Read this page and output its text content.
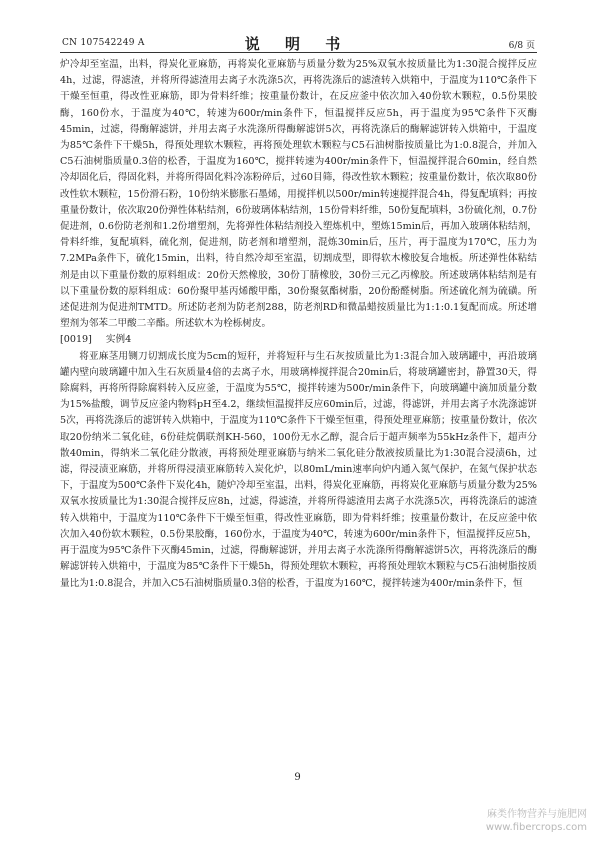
CN 107542249 A	说 明 书	6/8 页

炉冷却至室温，出料，得炭化亚麻筋，再将炭化亚麻筋与质量分数为25%双氧水按质量比为1:30混合搅拌反应4h，过滤，得滤渣，并将所得滤渣用去离子水洗涤5次，再将洗涤后的滤渣转入烘箱中，于温度为110℃条件下干燥至恒重，得改性亚麻筋，即为骨料纤维；按重量份数计，在反应釜中依次加入40份软木颗粒，0.5份果胶酶，160份水，于温度为40℃，转速为600r/min条件下，恒温搅拌反应5h，再于温度为95℃条件下灭酶45min，过滤，得酶解滤饼，并用去离子水洗涤所得酶解滤饼5次，再将洗涤后的酶解滤饼转入烘箱中，于温度为85℃条件下干燥5h，得预处理软木颗粒，再将预处理软木颗粒与C5石油树脂按质量比为1:0.8混合，并加入C5石油树脂质量0.3倍的松香，于温度为160℃，搅拌转速为400r/min条件下，恒温搅拌混合60min，经自然冷却固化后，得固化料，并将所得固化料冷冻粉碎后，过60目筛，得改性软木颗粒；按重量份数计，依次取80份改性软木颗粒，15份滑石粉，10份纳米膨胀石墨烯，用搅拌机以500r/min转速搅拌混合4h，得复配填料；再按重量份数计，依次取20份弹性体粘结剂，6份玻璃体粘结剂，15份骨料纤维，50份复配填料，3份硫化剂，0.7份促进剂，0.6份防老剂和1.2份增塑剂，先将弹性体粘结剂投入塑炼机中，塑炼15min后，再加入玻璃体粘结剂，骨料纤维，复配填料，硫化剂，促进剂，防老剂和增塑剂，混炼30min后，压片，再于温度为170℃，压力为7.2MPa条件下，硫化15min，出料，待自然冷却至室温，切割成型，即得软木橡胶复合地板。所述弹性体粘结剂是由以下重量份数的原料组成：20份天然橡胶，30份丁腈橡胶，30份三元乙丙橡胶。所述玻璃体粘结剂是有以下重量份数的原料组成：60份聚甲基丙烯酸甲酯，30份聚氨酯树脂，20份酚醛树脂。所述硫化剂为硫磺。所述促进剂为促进剂TMTD。所述防老剂为防老剂288，防老剂RD和微晶蜡按质量比为1:1:0.1复配而成。所述增塑剂为邻苯二甲酸二辛酯。所述软木为栓栎树皮。

[0019] 实例4

将亚麻茎用铡刀切割成长度为5cm的短秆，并将短秆与生石灰按质量比为1:3混合加入玻璃罐中，再沿玻璃罐内壁向玻璃罐中加入生石灰质量4倍的去离子水，用玻璃棒搅拌混合20min后，将玻璃罐密封，静置30天，得除腐料，再将所得除腐料转入反应釜，于温度为55℃，搅拌转速为500r/min条件下，向玻璃罐中滴加质量分数为15%盐酸，调节反应釜内物料pH至4.2，继续恒温搅拌反应60min后，过滤，得滤饼，并用去离子水洗涤滤饼5次，再将洗涤后的滤饼转入烘箱中，于温度为110℃条件下干燥至恒重，得预处理亚麻筋；按重量份数计，依次取20份纳米二氧化硅，6份硅烷偶联剂KH-560，100份无水乙醇，混合后于超声频率为55kHz条件下，超声分散40min，得纳米二氧化硅分散液，再将预处理亚麻筋与纳米二氧化硅分散液按质量比为1:30混合浸渍6h，过滤，得浸渍亚麻筋，并将所得浸渍亚麻筋转入炭化炉，以80mL/min速率向炉内通入氮气保护，在氮气保护状态下，于温度为500℃条件下炭化4h，随炉冷却至室温，出料，得炭化亚麻筋，再将炭化亚麻筋与质量分数为25%双氧水按质量比为1:30混合搅拌反应8h，过滤，得滤渣，并将所得滤渣用去离子水洗涤5次，再将洗涤后的滤渣转入烘箱中，于温度为110℃条件下干燥至恒重，得改性亚麻筋，即为骨料纤维；按重量份数计，在反应釜中依次加入40份软木颗粒，0.5份果胶酶，160份水，于温度为40℃，转速为600r/min条件下，恒温搅拌反应5h，再于温度为95℃条件下灭酶45min，过滤，得酶解滤饼，并用去离子水洗涤所得酶解滤饼5次，再将洗涤后的酶解滤饼转入烘箱中，于温度为85℃条件下干燥5h，得预处理软木颗粒，再将预处理软木颗粒与C5石油树脂按质量比为1:0.8混合，并加入C5石油树脂质量0.3倍的松香，于温度为160℃，搅拌转速为400r/min条件下，恒

9
麻类作物营养与施肥网
www.fibercrops.com
